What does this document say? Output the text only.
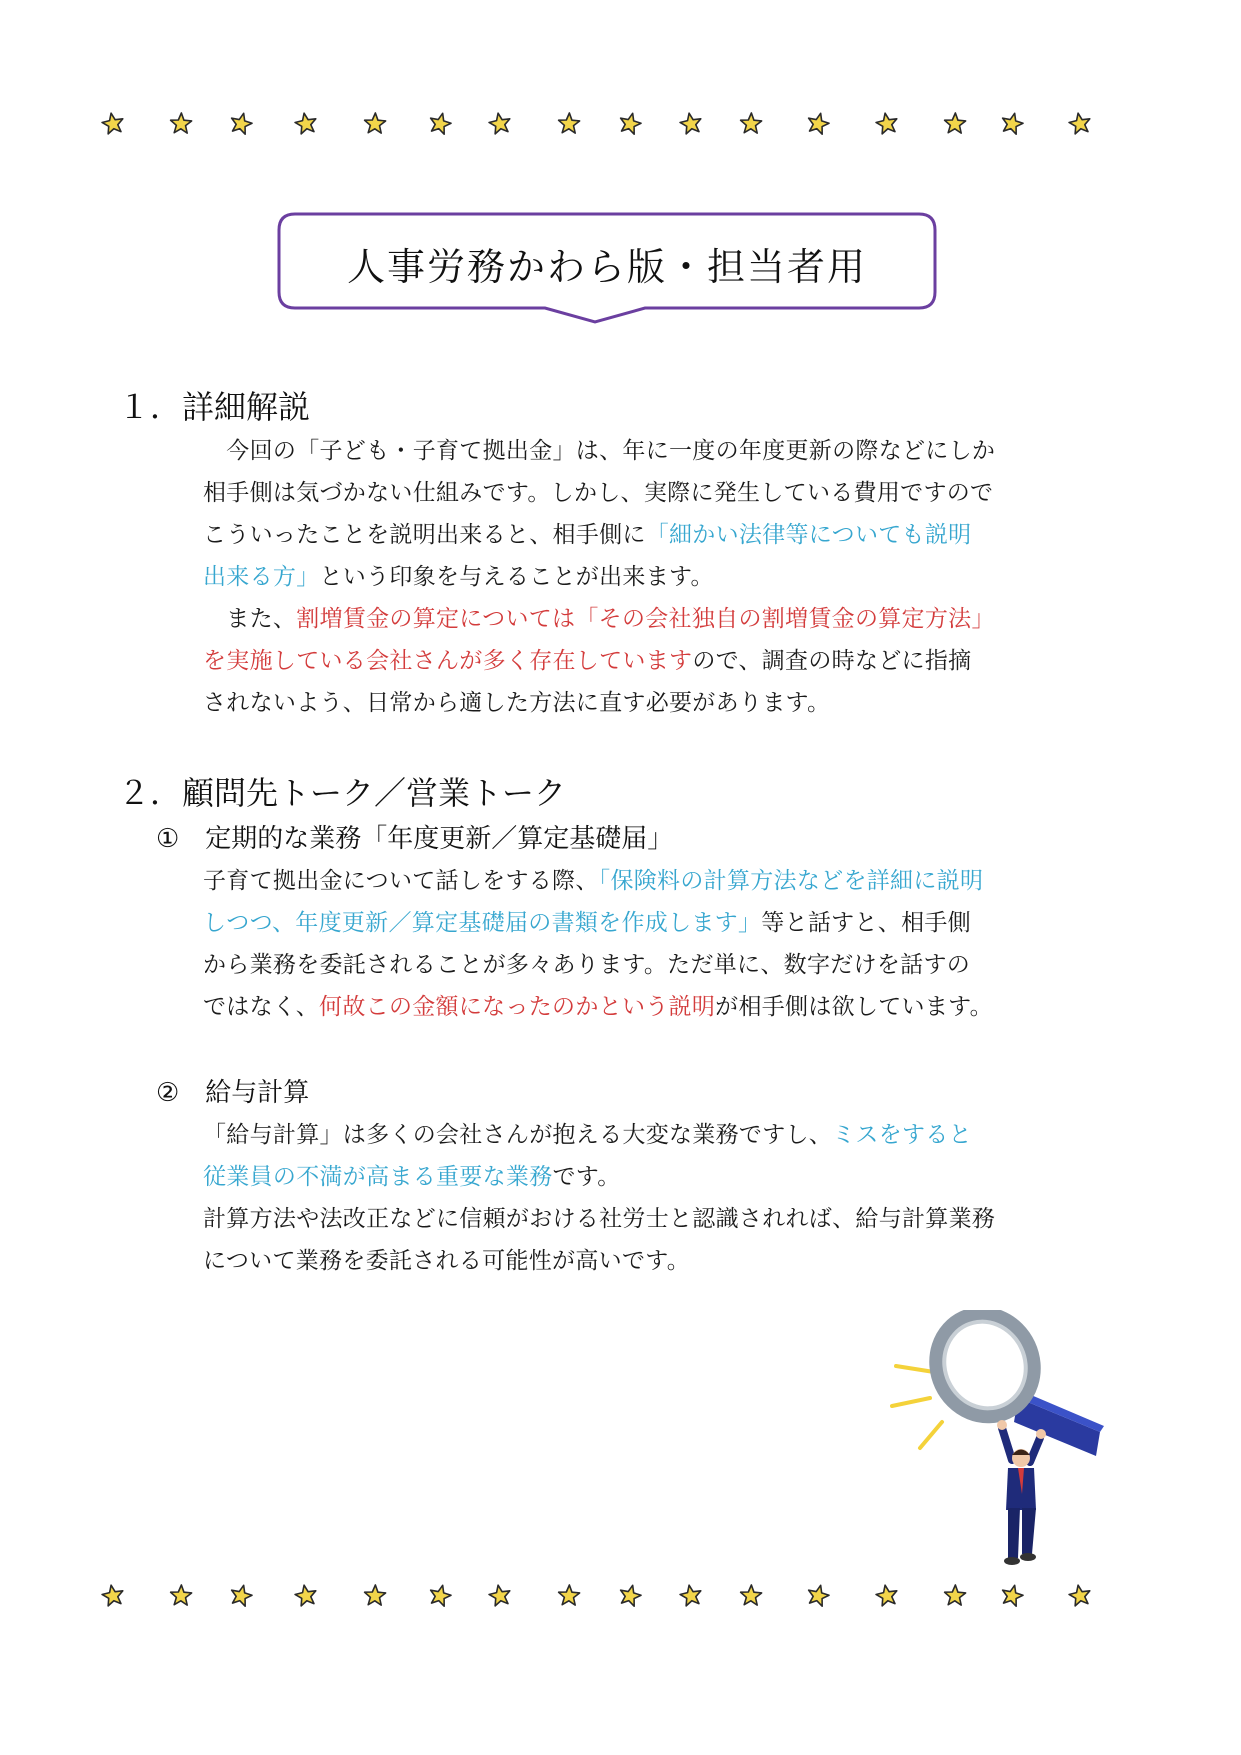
人事労務かわら版・担当者用
１．詳細解説
　今回の「子ども・子育て拠出金」は、年に一度の年度更新の際などにしか
相手側は気づかない仕組みです。しかし、実際に発生している費用ですので
こういったことを説明出来ると、相手側に「細かい法律等についても説明
出来る方」という印象を与えることが出来ます。
　また、割増賃金の算定については「その会社独自の割増賃金の算定方法」
を実施している会社さんが多く存在していますので、調査の時などに指摘
されないよう、日常から適した方法に直す必要があります。
２．顧問先トーク／営業トーク
①　定期的な業務「年度更新／算定基礎届」
子育て拠出金について話しをする際、「保険料の計算方法などを詳細に説明
しつつ、年度更新／算定基礎届の書類を作成します」等と話すと、相手側
から業務を委託されることが多々あります。ただ単に、数字だけを話すの
ではなく、何故この金額になったのかという説明が相手側は欲しています。
②　給与計算
「給与計算」は多くの会社さんが抱える大変な業務ですし、ミスをすると
従業員の不満が高まる重要な業務です。
計算方法や法改正などに信頼がおける社労士と認識されれば、給与計算業務
について業務を委託される可能性が高いです。
